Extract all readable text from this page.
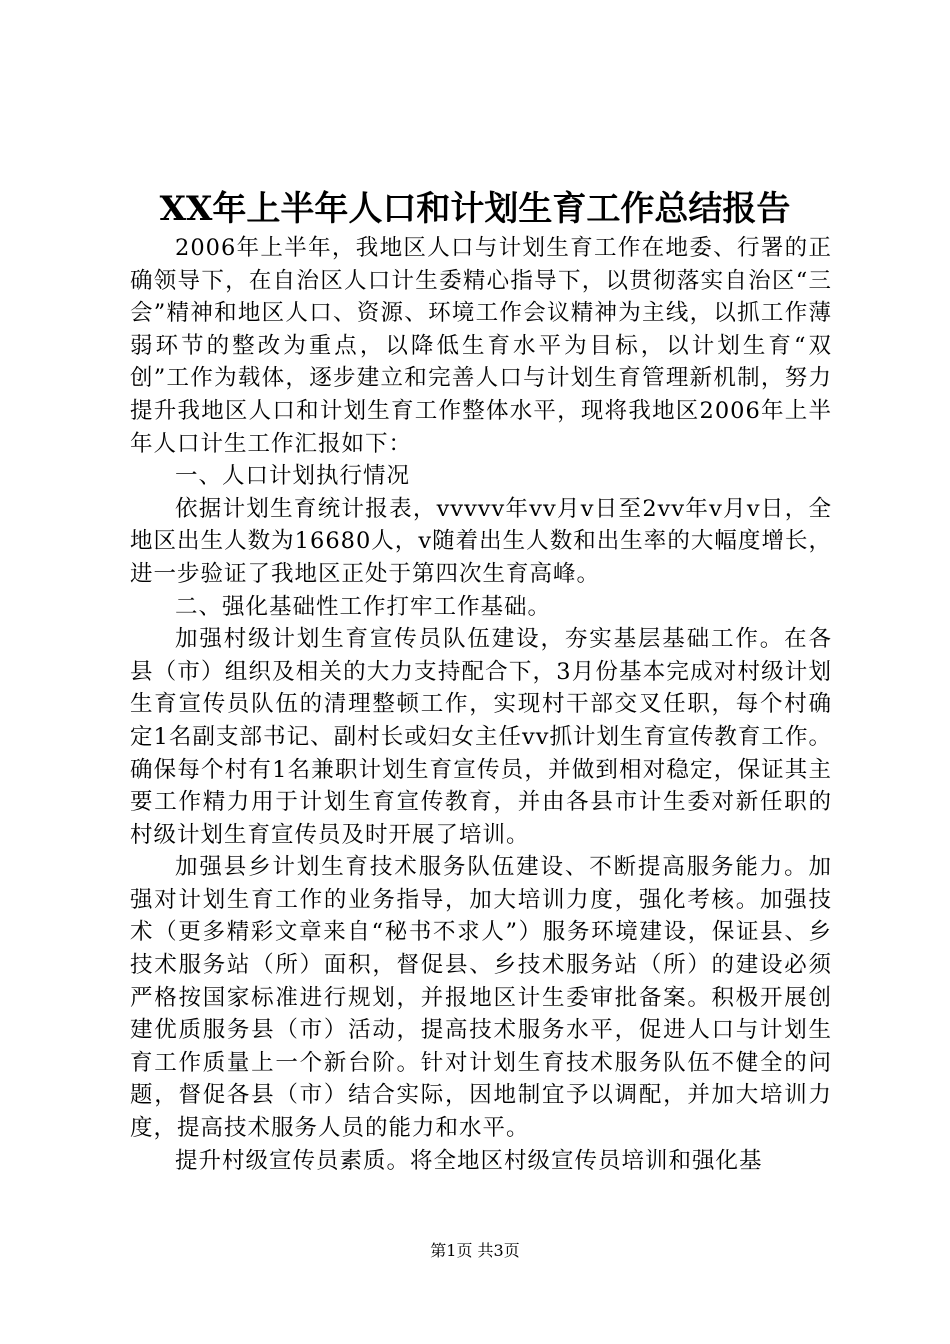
XX年上半年人口和计划生育工作总结报告

2006年上半年，我地区人口与计划生育工作在地委、行署的正确领导下，在自治区人口计生委精心指导下，以贯彻落实自治区“三会”精神和地区人口、资源、环境工作会议精神为主线，以抓工作薄弱环节的整改为重点，以降低生育水平为目标，以计划生育“双创”工作为载体，逐步建立和完善人口与计划生育管理新机制，努力提升我地区人口和计划生育工作整体水平，现将我地区2006年上半年人口计生工作汇报如下：

一、人口计划执行情况

依据计划生育统计报表，vvvvv年vv月v日至2vv年v月v日，全地区出生人数为16680人，v随着出生人数和出生率的大幅度增长，进一步验证了我地区正处于第四次生育高峰。

二、强化基础性工作打牢工作基础。

加强村级计划生育宣传员队伍建设，夯实基层基础工作。在各县（市）组织及相关的大力支持配合下，3月份基本完成对村级计划生育宣传员队伍的清理整顿工作，实现村干部交叉任职，每个村确定1名副支部书记、副村长或妇女主任vv抓计划生育宣传教育工作。确保每个村有1名兼职计划生育宣传员，并做到相对稳定，保证其主要工作精力用于计划生育宣传教育，并由各县市计生委对新任职的村级计划生育宣传员及时开展了培训。

加强县乡计划生育技术服务队伍建设、不断提高服务能力。加强对计划生育工作的业务指导，加大培训力度，强化考核。加强技术（更多精彩文章来自“秘书不求人”）服务环境建设，保证县、乡技术服务站（所）面积，督促县、乡技术服务站（所）的建设必须严格按国家标准进行规划，并报地区计生委审批备案。积极开展创建优质服务县（市）活动，提高技术服务水平，促进人口与计划生育工作质量上一个新台阶。针对计划生育技术服务队伍不健全的问题，督促各县（市）结合实际，因地制宜予以调配，并加大培训力度，提高技术服务人员的能力和水平。

提升村级宣传员素质。将全地区村级宣传员培训和强化基

第1页 共3页
